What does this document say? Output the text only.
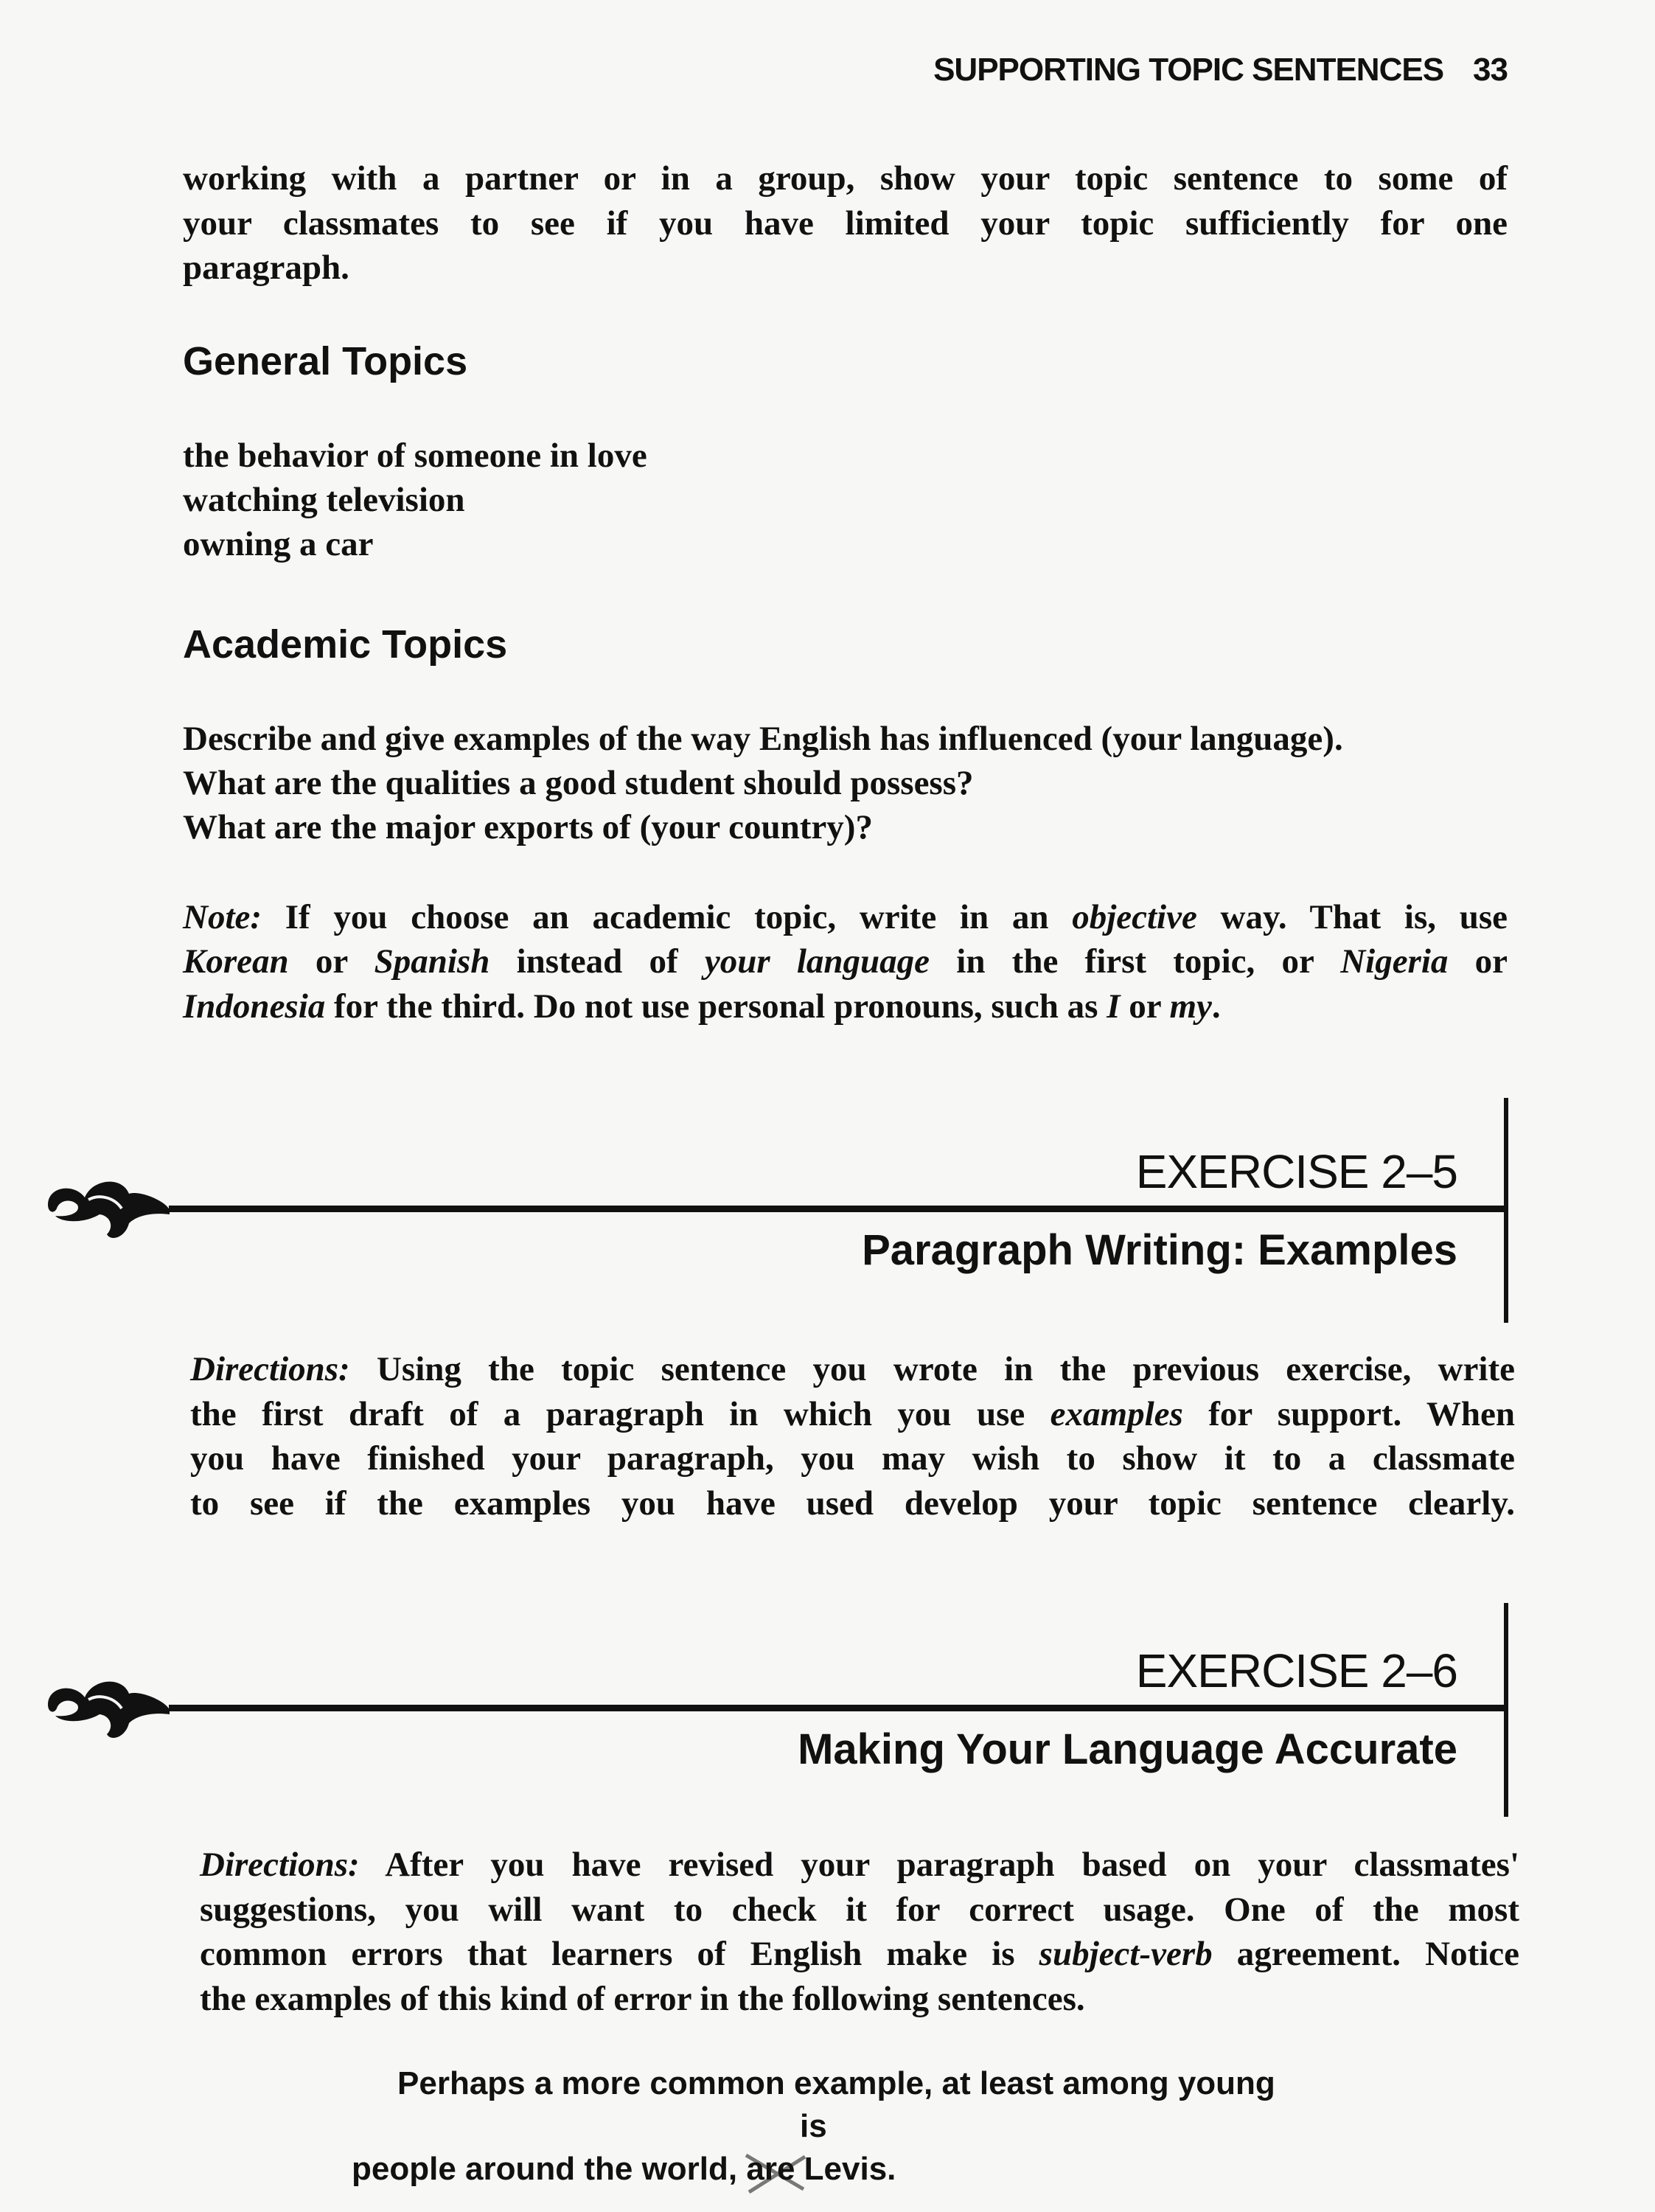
SUPPORTING TOPIC SENTENCES 33
working with a partner or in a group, show your topic sentence to some of
your classmates to see if you have limited your topic sufficiently for one
paragraph.
General Topics
the behavior of someone in love
watching television
owning a car
Academic Topics
Describe and give examples of the way English has influenced (your language).
What are the qualities a good student should possess?
What are the major exports of (your country)?
Note: If you choose an academic topic, write in an objective way. That is, use
Korean or Spanish instead of your language in the first topic, or Nigeria or
Indonesia for the third. Do not use personal pronouns, such as I or my.
EXERCISE 2–5
Paragraph Writing: Examples
Directions: Using the topic sentence you wrote in the previous exercise, write
the first draft of a paragraph in which you use examples for support. When
you have finished your paragraph, you may wish to show it to a classmate
to see if the examples you have used develop your topic sentence clearly.
EXERCISE 2–6
Making Your Language Accurate
Directions: After you have revised your paragraph based on your classmates'
suggestions, you will want to check it for correct usage. One of the most
common errors that learners of English make is subject-verb agreement. Notice
the examples of this kind of error in the following sentences.
Perhaps a more common example, at least among young
is
people around the world,
are Levis.
